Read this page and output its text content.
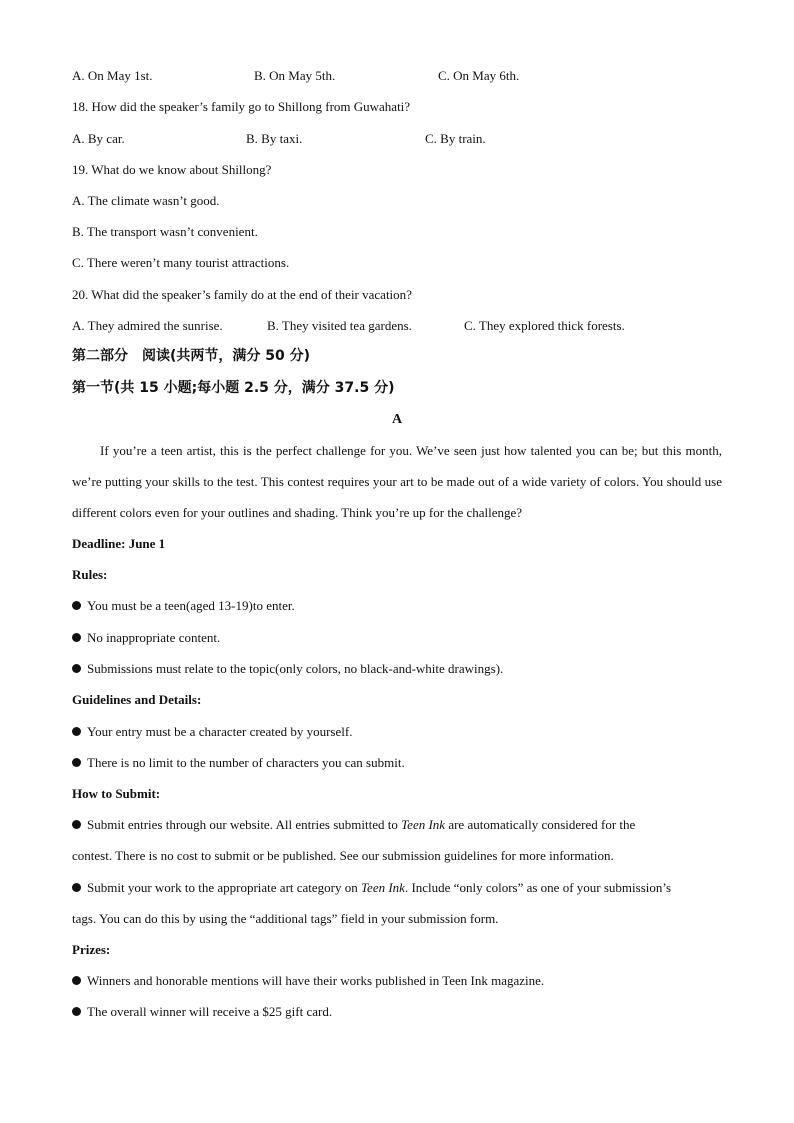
A. On May 1st.	B. On May 5th.	C. On May 6th.
18. How did the speaker’s family go to Shillong from Guwahati?
A. By car.	B. By taxi.	C. By train.
19. What do we know about Shillong?
A. The climate wasn’t good.
B. The transport wasn’t convenient.
C. There weren’t many tourist attractions.
20. What did the speaker’s family do at the end of their vacation?
A. They admired the sunrise.	B. They visited tea gardens.	C. They explored thick forests.
第二部分　阅读(共两节，满分 50 分)
第一节(共 15 小题;每小题 2.5 分，满分 37.5 分)
A
If you’re a teen artist, this is the perfect challenge for you. We’ve seen just how talented you can be; but this month, we’re putting your skills to the test. This contest requires your art to be made out of a wide variety of colors. You should use different colors even for your outlines and shading. Think you’re up for the challenge?
Deadline: June 1
Rules:
You must be a teen(aged 13-19)to enter.
No inappropriate content.
Submissions must relate to the topic(only colors, no black-and-white drawings).
Guidelines and Details:
Your entry must be a character created by yourself.
There is no limit to the number of characters you can submit.
How to Submit:
Submit entries through our website. All entries submitted to Teen Ink are automatically considered for the
contest. There is no cost to submit or be published. See our submission guidelines for more information.
Submit your work to the appropriate art category on Teen Ink. Include “only colors” as one of your submission’s
tags. You can do this by using the “additional tags” field in your submission form.
Prizes:
Winners and honorable mentions will have their works published in Teen Ink magazine.
The overall winner will receive a $25 gift card.
